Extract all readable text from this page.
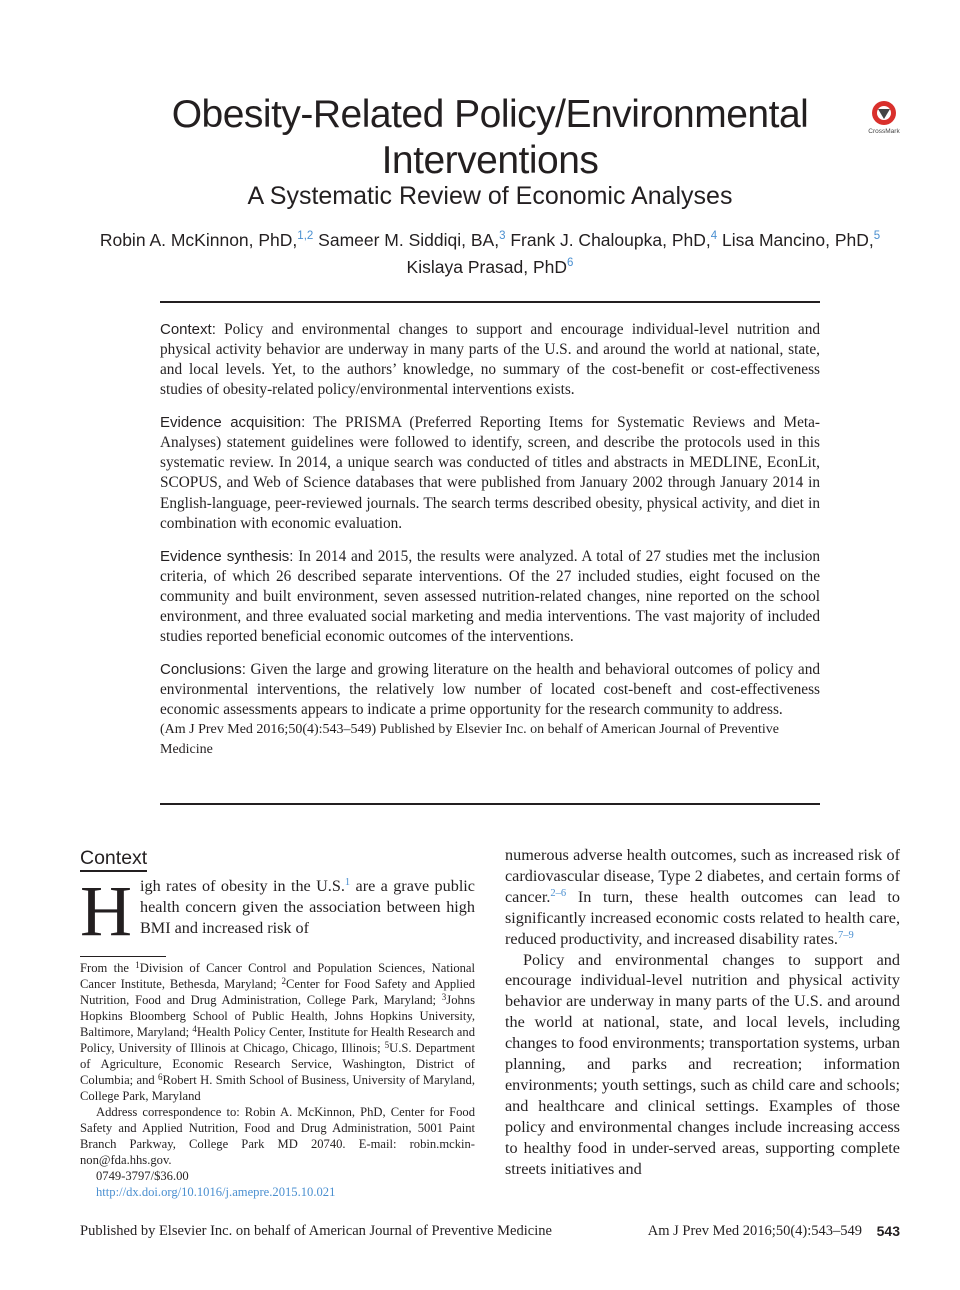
Obesity-Related Policy/Environmental
Interventions
CrossMark
A Systematic Review of Economic Analyses
Robin A. McKinnon, PhD,$^{1,2}$ Sameer M. Siddiqi, BA,$^3$ Frank J. Chaloupka, PhD,$^4$ Lisa Mancino, PhD,$^5$
Kislaya Prasad, PhD$^6$

Context: Policy and environmental changes to support and encourage individual-level nutrition and physical activity behavior are underway in many parts of the U.S. and around the world at national, state, and local levels. Yet, to the authors’ knowledge, no summary of the cost-benefit or cost-effectiveness studies of obesity-related policy/environmental interventions exists.

Evidence acquisition: The PRISMA (Preferred Reporting Items for Systematic Reviews and Meta-Analyses) statement guidelines were followed to identify, screen, and describe the protocols used in this systematic review. In 2014, a unique search was conducted of titles and abstracts in MEDLINE, EconLit, SCOPUS, and Web of Science databases that were published from January 2002 through January 2014 in English-language, peer-reviewed journals. The search terms described obesity, physical activity, and diet in combination with economic evaluation.

Evidence synthesis: In 2014 and 2015, the results were analyzed. A total of 27 studies met the inclusion criteria, of which 26 described separate interventions. Of the 27 included studies, eight focused on the community and built environment, seven assessed nutrition-related changes, nine reported on the school environment, and three evaluated social marketing and media interventions. The vast majority of included studies reported beneficial economic outcomes of the interventions.

Conclusions: Given the large and growing literature on the health and behavioral outcomes of policy and environmental interventions, the relatively low number of located cost-beneft and cost-effectiveness economic assessments appears to indicate a prime opportunity for the research community to address.

(Am J Prev Med 2016;50(4):543–549) Published by Elsevier Inc. on behalf of American Journal of Preventive Medicine

Context
High rates of obesity in the U.S.$^1$ are a grave public health concern given the association between high BMI and increased risk of

From the $^1$Division of Cancer Control and Population Sciences, National Cancer Institute, Bethesda, Maryland; $^2$Center for Food Safety and Applied Nutrition, Food and Drug Administration, College Park, Maryland; $^3$Johns Hopkins Bloomberg School of Public Health, Johns Hopkins University, Baltimore, Maryland; $^4$Health Policy Center, Institute for Health Research and Policy, University of Illinois at Chicago, Chicago, Illinois; $^5$U.S. Department of Agriculture, Economic Research Service, Washington, District of Columbia; and $^6$Robert H. Smith School of Business, University of Maryland, College Park, Maryland

Address correspondence to: Robin A. McKinnon, PhD, Center for Food Safety and Applied Nutrition, Food and Drug Administration, 5001 Paint Branch Parkway, College Park MD 20740. E-mail: robin.mckin-non@fda.hhs.gov.

0749-3797/$36.00

http://dx.doi.org/10.1016/j.amepre.2015.10.021

numerous adverse health outcomes, such as increased risk of cardiovascular disease, Type 2 diabetes, and certain forms of cancer.$^{2-6}$ In turn, these health outcomes can lead to significantly increased economic costs related to health care, reduced productivity, and increased disability rates.$^{7-9}$

Policy and environmental changes to support and encourage individual-level nutrition and physical activity behavior are underway in many parts of the U.S. and around the world at national, state, and local levels, including changes to food environments; transportation systems, urban planning, and parks and recreation; information environments; youth settings, such as child care and schools; and healthcare and clinical settings. Examples of those policy and environmental changes include increasing access to healthy food in under-served areas, supporting complete streets initiatives and

Published by Elsevier Inc. on behalf of American Journal of Preventive Medicine	Am J Prev Med 2016;50(4):543–549 543
